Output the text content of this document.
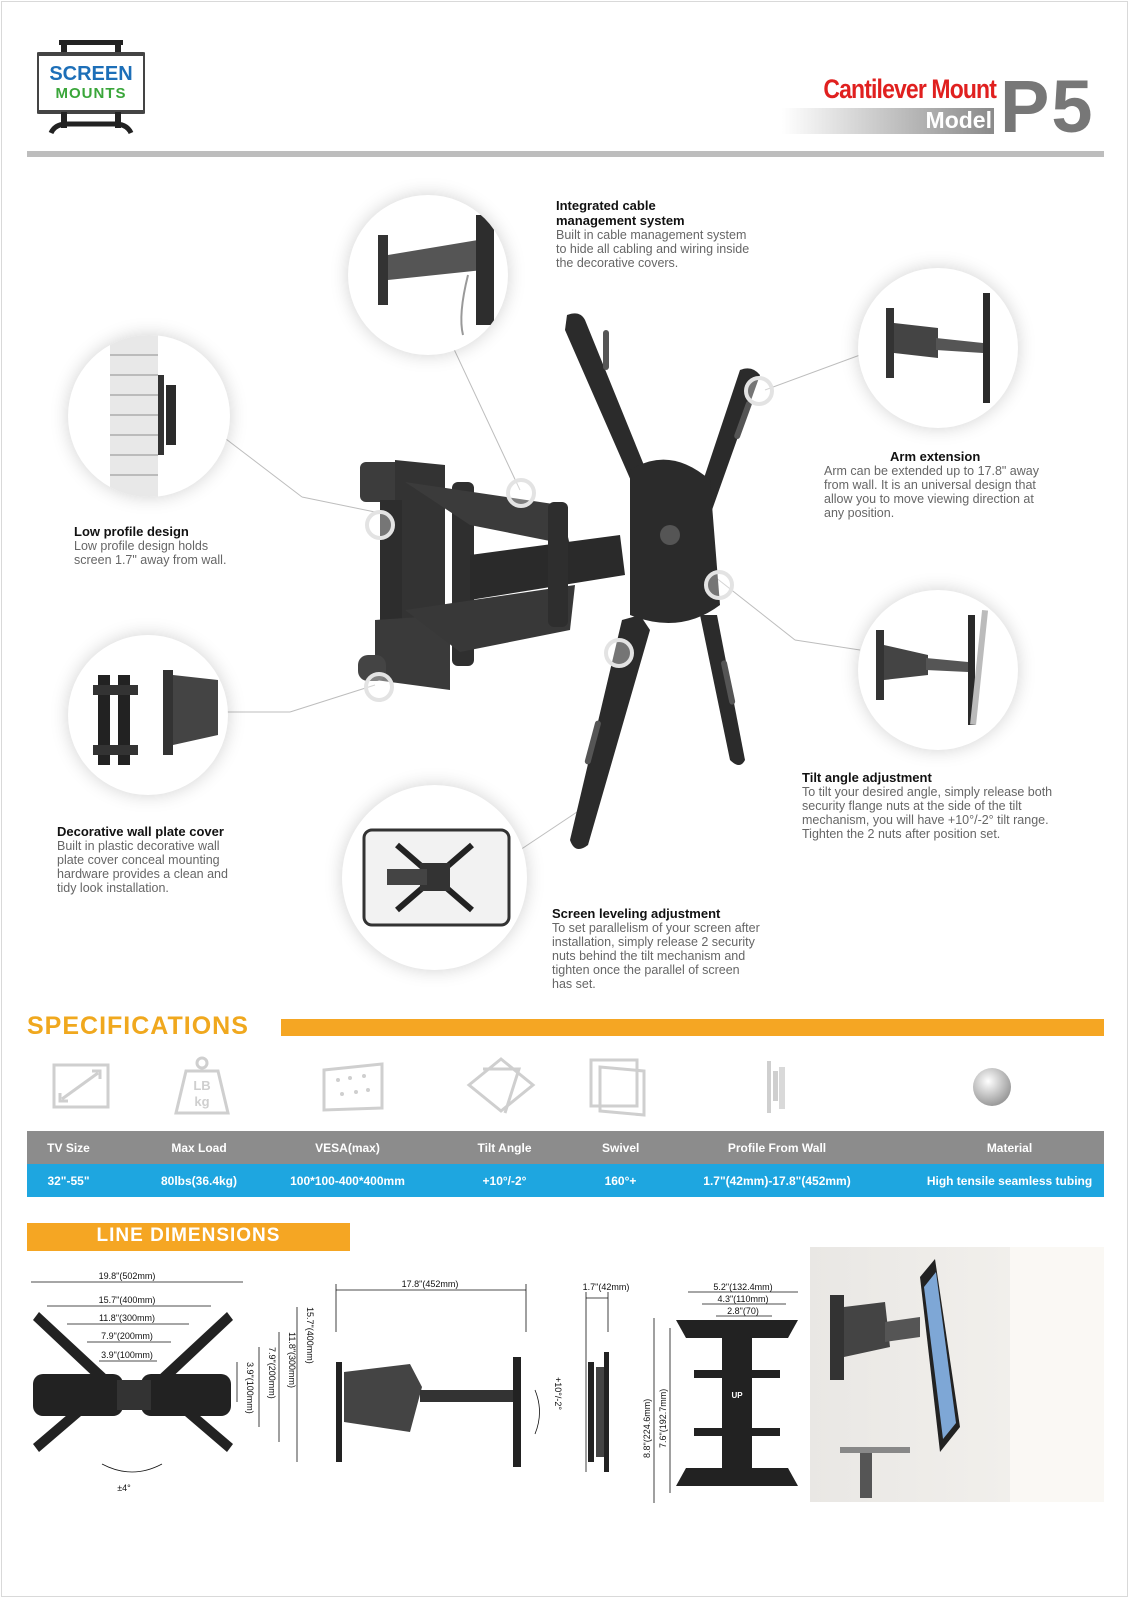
SCREEN
MOUNTS	Cantilever Mount
Model P5
Integrated cable
management system
Built in cable management system
to hide all cabling and wiring inside
the decorative covers.
Arm extension
Arm can be extended up to 17.8" away
from wall. It is an universal design that
allow you to move viewing direction at
any position.
Low profile design
Low profile design holds
screen 1.7" away from wall.
Decorative wall plate cover
Built in plastic decorative wall
plate cover conceal mounting
hardware provides a clean and
tidy look installation.
Tilt angle adjustment
To tilt your desired angle, simply release both
security flange nuts at the side of the tilt
mechanism, you will have +10°/-2° tilt range.
Tighten the 2 nuts after position set.
Screen leveling adjustment
To set parallelism of your screen after
installation, simply release 2 security
nuts behind the tilt mechanism and
tighten once the parallel of screen
has set.
SPECIFICATIONS
LB
kg
TV Size	Max Load	VESA(max)	Tilt Angle	Swivel	Profile From Wall	Material
32"-55"	80lbs(36.4kg)	100*100-400*400mm	+10°/-2°	160°+	1.7"(42mm)-17.8"(452mm)	High tensile seamless tubing
LINE DIMENSIONS
19.8"(502mm)
15.7"(400mm)
11.8"(300mm)
7.9"(200mm)
3.9"(100mm)
3.9"(100mm) 7.9"(200mm) 11.8"(300mm) 15.7"(400mm)
±4°
17.8"(452mm)
+10°/-2°
1.7"(42mm)
UP
5.2"(132.4mm)
4.3"(110mm)
2.8"(70)
8.8"(224.6mm) 7.6"(192.7mm)
